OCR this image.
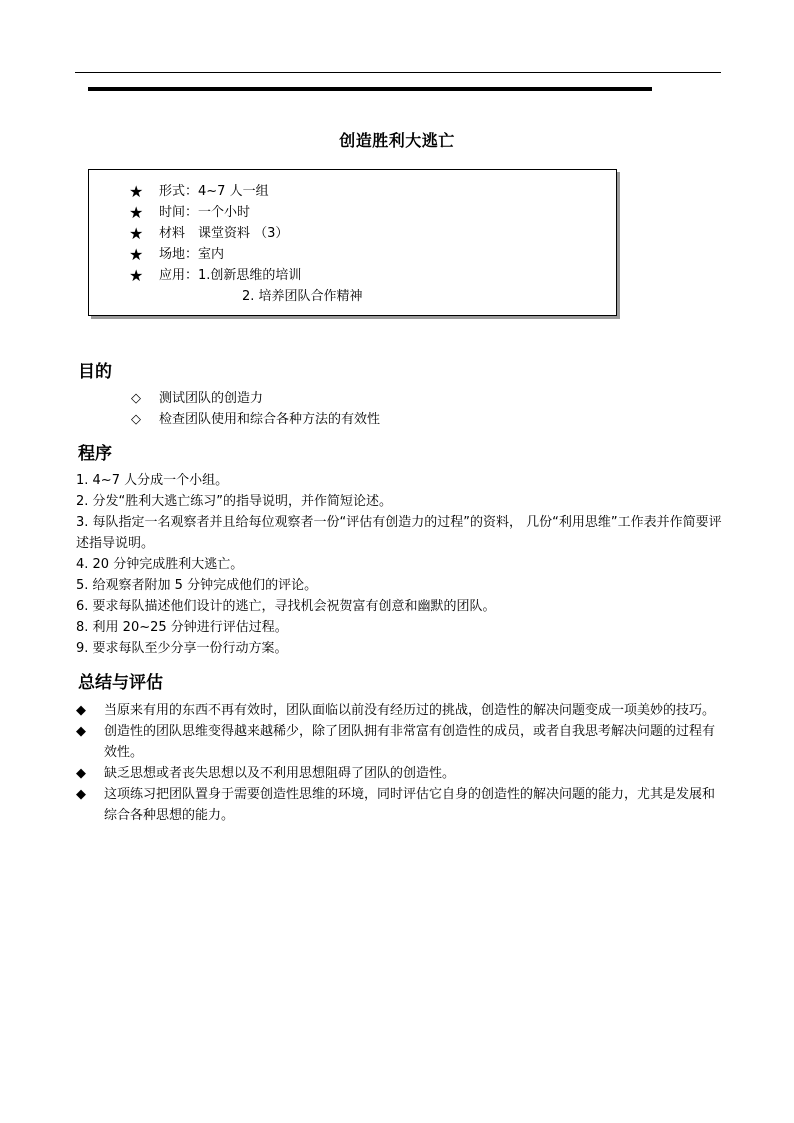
创造胜利大逃亡
★	形式：4~7 人一组
★	时间：一个小时
★	材料　课堂资料 （3）
★	场地：室内
★	应用：1.创新思维的培训
2. 培养团队合作精神
目的
◇	测试团队的创造力
◇	检查团队使用和综合各种方法的有效性
程序
1. 4~7 人分成一个小组。
2. 分发“胜利大逃亡练习”的指导说明，并作简短论述。
3. 每队指定一名观察者并且给每位观察者一份“评估有创造力的过程”的资料， 几份“利用思维”工作表并作简要评述指导说明。
4. 20 分钟完成胜利大逃亡。
5. 给观察者附加 5 分钟完成他们的评论。
6. 要求每队描述他们设计的逃亡，寻找机会祝贺富有创意和幽默的团队。
8. 利用 20~25 分钟进行评估过程。
9. 要求每队至少分享一份行动方案。
总结与评估
◆	当原来有用的东西不再有效时，团队面临以前没有经历过的挑战，创造性的解决问题变成一项美妙的技巧。
◆	创造性的团队思维变得越来越稀少，除了团队拥有非常富有创造性的成员，或者自我思考解决问题的过程有效性。
◆	缺乏思想或者丧失思想以及不利用思想阻碍了团队的创造性。
◆	这项练习把团队置身于需要创造性思维的环境，同时评估它自身的创造性的解决问题的能力，尤其是发展和综合各种思想的能力。
